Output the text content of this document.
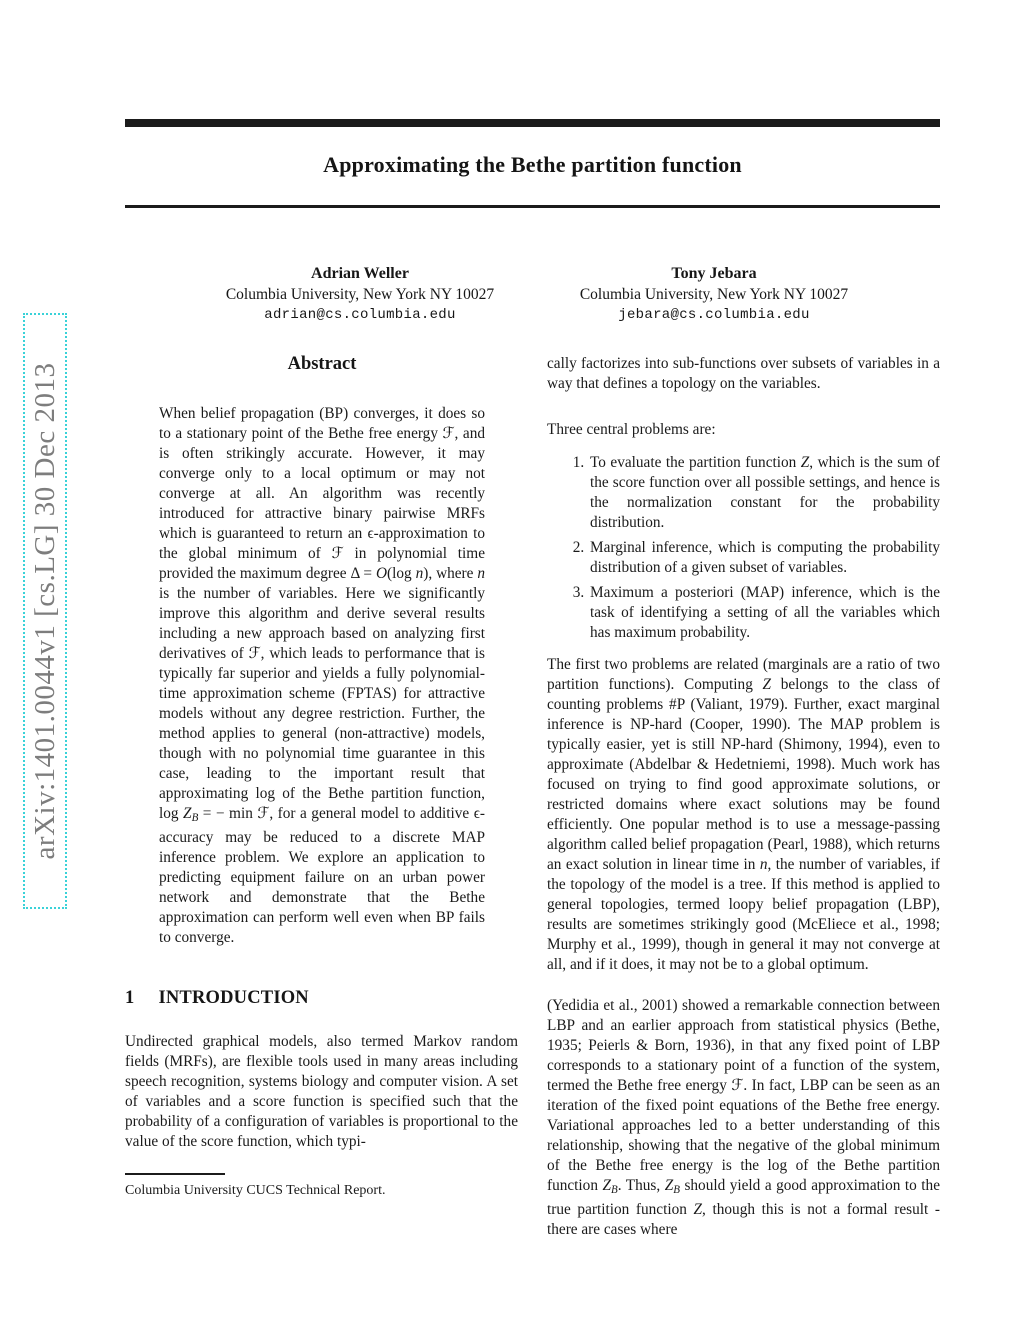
arXiv:1401.0044v1 [cs.LG] 30 Dec 2013
Approximating the Bethe partition function
Adrian Weller
Columbia University, New York NY 10027
adrian@cs.columbia.edu
Tony Jebara
Columbia University, New York NY 10027
jebara@cs.columbia.edu
Abstract

When belief propagation (BP) converges, it does so to a stationary point of the Bethe free energy ℱ, and is often strikingly accurate. However, it may converge only to a local optimum or may not converge at all. An algorithm was recently introduced for attractive binary pairwise MRFs which is guaranteed to return an ϵ-approximation to the global minimum of ℱ in polynomial time provided the maximum degree Δ = O(log n), where n is the number of variables. Here we significantly improve this algorithm and derive several results including a new approach based on analyzing first derivatives of ℱ, which leads to performance that is typically far superior and yields a fully polynomial-time approximation scheme (FPTAS) for attractive models without any degree restriction. Further, the method applies to general (non-attractive) models, though with no polynomial time guarantee in this case, leading to the important result that approximating log of the Bethe partition function, $\log Z_B$ = − min ℱ, for a general model to additive ϵ-accuracy may be reduced to a discrete MAP inference problem. We explore an application to predicting equipment failure on an urban power network and demonstrate that the Bethe approximation can perform well even when BP fails to converge.

1 INTRODUCTION

Undirected graphical models, also termed Markov random fields (MRFs), are flexible tools used in many areas including speech recognition, systems biology and computer vision. A set of variables and a score function is specified such that the probability of a configuration of variables is proportional to the value of the score function, which typi-

Columbia University CUCS Technical Report.

cally factorizes into sub-functions over subsets of variables in a way that defines a topology on the variables.

Three central problems are:

1. To evaluate the partition function Z, which is the sum of the score function over all possible settings, and hence is the normalization constant for the probability distribution.
2. Marginal inference, which is computing the probability distribution of a given subset of variables.
3. Maximum a posteriori (MAP) inference, which is the task of identifying a setting of all the variables which has maximum probability.

The first two problems are related (marginals are a ratio of two partition functions). Computing Z belongs to the class of counting problems #P (Valiant, 1979). Further, exact marginal inference is NP-hard (Cooper, 1990). The MAP problem is typically easier, yet is still NP-hard (Shimony, 1994), even to approximate (Abdelbar & Hedetniemi, 1998). Much work has focused on trying to find good approximate solutions, or restricted domains where exact solutions may be found efficiently. One popular method is to use a message-passing algorithm called belief propagation (Pearl, 1988), which returns an exact solution in linear time in n, the number of variables, if the topology of the model is a tree. If this method is applied to general topologies, termed loopy belief propagation (LBP), results are sometimes strikingly good (McEliece et al., 1998; Murphy et al., 1999), though in general it may not converge at all, and if it does, it may not be to a global optimum.

(Yedidia et al., 2001) showed a remarkable connection between LBP and an earlier approach from statistical physics (Bethe, 1935; Peierls & Born, 1936), in that any fixed point of LBP corresponds to a stationary point of a function of the system, termed the Bethe free energy ℱ. In fact, LBP can be seen as an iteration of the fixed point equations of the Bethe free energy. Variational approaches led to a better understanding of this relationship, showing that the negative of the global minimum of the Bethe free energy is the log of the Bethe partition function $Z_B$. Thus, $Z_B$ should yield a good approximation to the true partition function Z, though this is not a formal result - there are cases where
